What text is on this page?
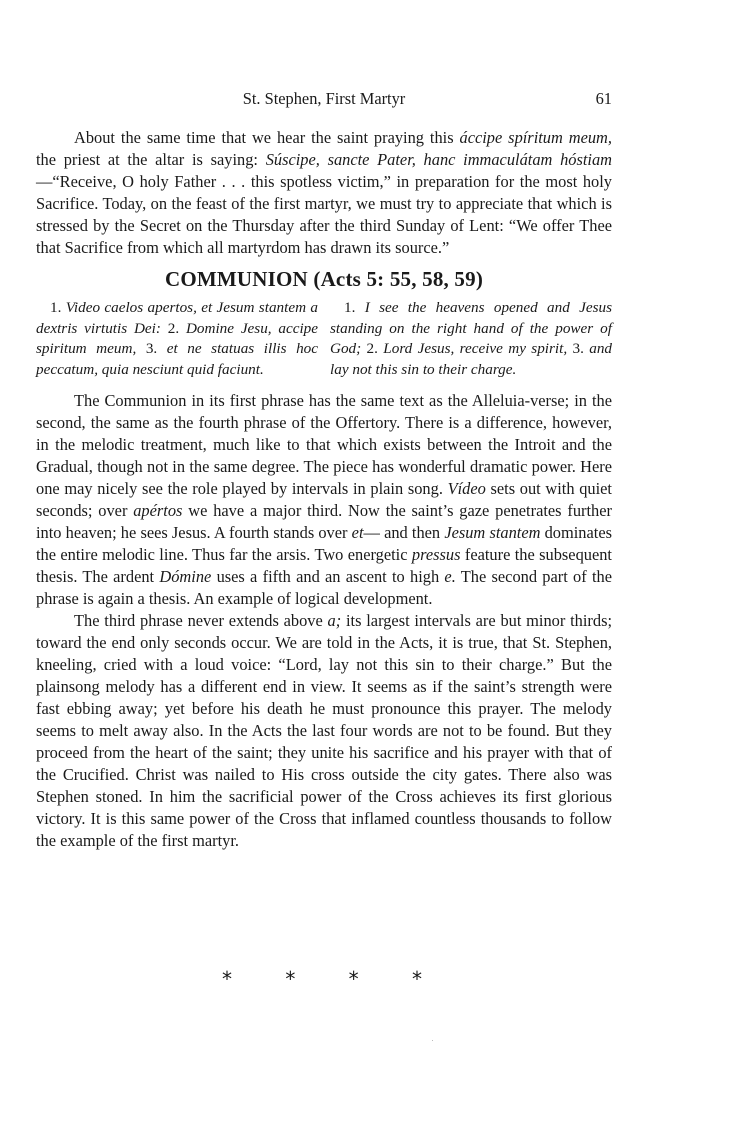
St. Stephen, First Martyr	61

About the same time that we hear the saint praying this áccipe spíritum meum, the priest at the altar is saying: Súscipe, sancte Pater, hanc immaculátam hóstiam—“Receive, O holy Father . . . this spotless victim,” in preparation for the most holy Sacrifice. Today, on the feast of the first martyr, we must try to appreciate that which is stressed by the Secret on the Thursday after the third Sunday of Lent: “We offer Thee that Sacrifice from which all martyrdom has drawn its source.”

COMMUNION (Acts 5: 55, 58, 59)
1. Video caelos apertos, et Jesum stantem a dextris virtutis Dei: 2. Domine Jesu, accipe spiritum meum, 3. et ne statuas illis hoc peccatum, quia nesciunt quid faciunt.
1. I see the heavens opened and Jesus standing on the right hand of the power of God; 2. Lord Jesus, receive my spirit, 3. and lay not this sin to their charge.

The Communion in its first phrase has the same text as the Alleluia-verse; in the second, the same as the fourth phrase of the Offertory. There is a difference, however, in the melodic treatment, much like to that which exists between the Introit and the Gradual, though not in the same degree. The piece has wonderful dramatic power. Here one may nicely see the role played by intervals in plain song. Vídeo sets out with quiet seconds; over apértos we have a major third. Now the saint’s gaze penetrates further into heaven; he sees Jesus. A fourth stands over et— and then Jesum stantem dominates the entire melodic line. Thus far the arsis. Two energetic pressus feature the subsequent thesis. The ardent Dómine uses a fifth and an ascent to high e. The second part of the phrase is again a thesis. An example of logical development.

The third phrase never extends above a; its largest intervals are but minor thirds; toward the end only seconds occur. We are told in the Acts, it is true, that St. Stephen, kneeling, cried with a loud voice: “Lord, lay not this sin to their charge.” But the plainsong melody has a different end in view. It seems as if the saint’s strength were fast ebbing away; yet before his death he must pronounce this prayer. The melody seems to melt away also. In the Acts the last four words are not to be found. But they proceed from the heart of the saint; they unite his sacrifice and his prayer with that of the Crucified. Christ was nailed to His cross outside the city gates. There also was Stephen stoned. In him the sacrificial power of the Cross achieves its first glorious victory. It is this same power of the Cross that inflamed countless thousands to follow the example of the first martyr.

*	*	*	*
